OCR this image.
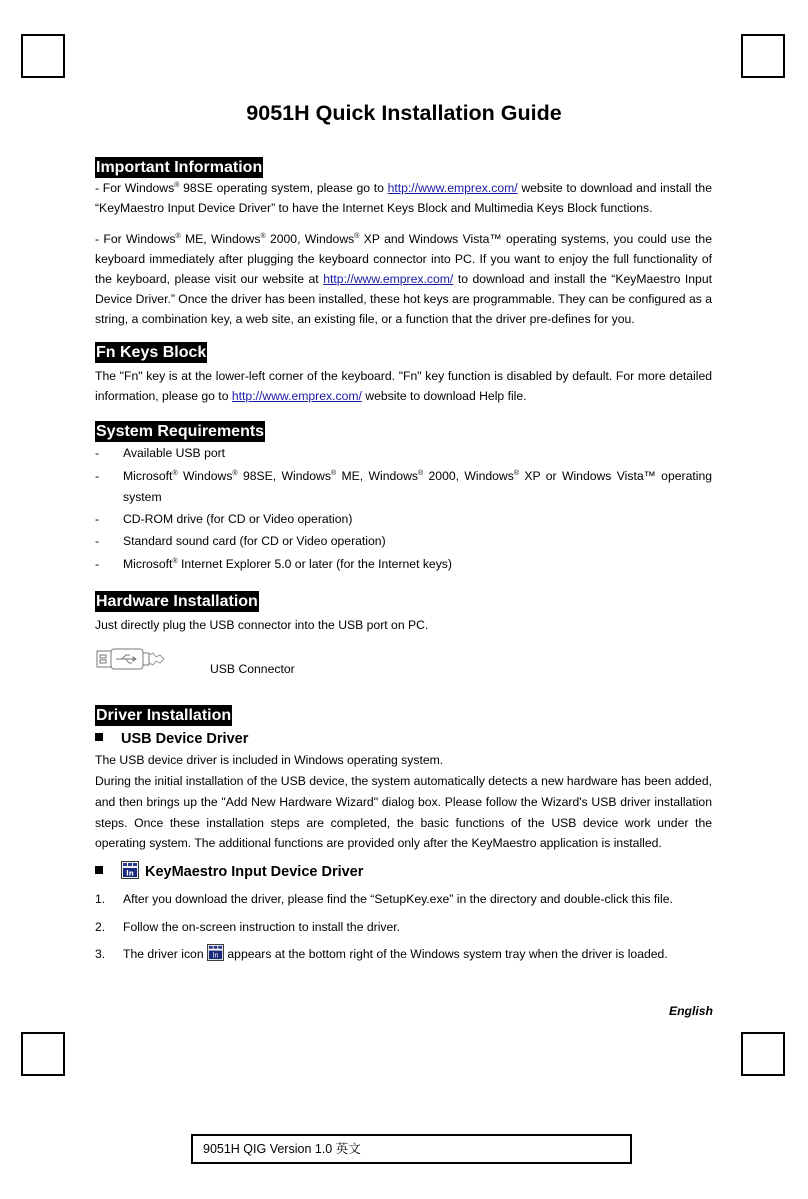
9051H Quick Installation Guide
Important Information

- For Windows® 98SE operating system, please go to http://www.emprex.com/ website to download and install the “KeyMaestro Input Device Driver” to have the Internet Keys Block and Multimedia Keys Block functions.

- For Windows® ME, Windows® 2000, Windows® XP and Windows Vista™ operating systems, you could use the keyboard immediately after plugging the keyboard connector into PC. If you want to enjoy the full functionality of the keyboard, please visit our website at http://www.emprex.com/ to download and install the “KeyMaestro Input Device Driver.” Once the driver has been installed, these hot keys are programmable. They can be configured as a string, a combination key, a web site, an existing file, or a function that the driver pre-defines for you.

Fn Keys Block

The "Fn" key is at the lower-left corner of the keyboard. "Fn" key function is disabled by default. For more detailed information, please go to http://www.emprex.com/ website to download Help file.

System Requirements
- Available USB port
- Microsoft® Windows® 98SE, Windows® ME, Windows® 2000, Windows® XP or Windows Vista™ operating system
- CD-ROM drive (for CD or Video operation)
- Standard sound card (for CD or Video operation)
- Microsoft® Internet Explorer 5.0 or later (for the Internet keys)
Hardware Installation
Just directly plug the USB connector into the USB port on PC.
USB Connector
Driver Installation
USB Device Driver
The USB device driver is included in Windows operating system.
During the initial installation of the USB device, the system automatically detects a new hardware has been added, and then brings up the "Add New Hardware Wizard" dialog box. Please follow the Wizard's USB driver installation steps. Once these installation steps are completed, the basic functions of the USB device work under the operating system. The additional functions are provided only after the KeyMaestro application is installed.
ln KeyMaestro Input Device Driver
1. After you download the driver, please find the “SetupKey.exe” in the directory and double-click this file.
2. Follow the on-screen instruction to install the driver.
3. The driver icon ln appears at the bottom right of the Windows system tray when the driver is loaded.
English
9051H QIG Version 1.0 英文
